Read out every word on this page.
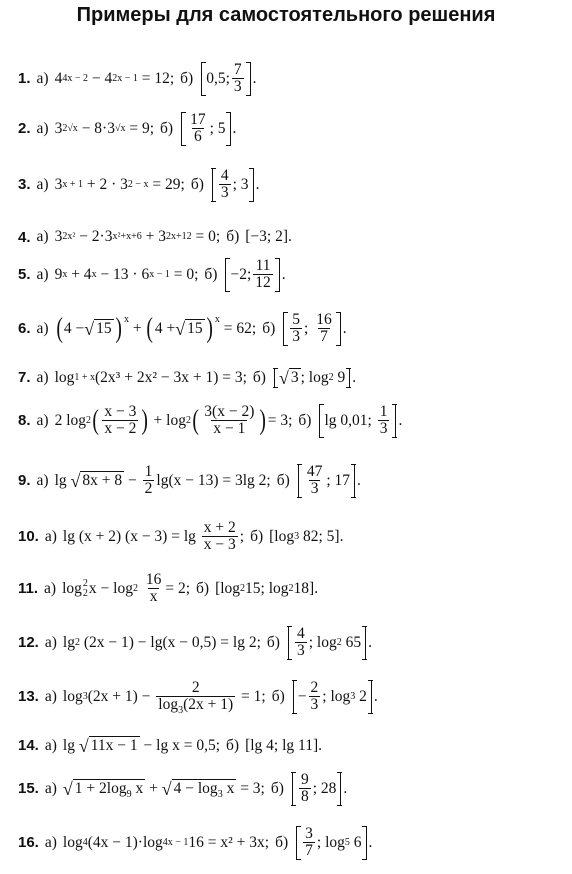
Примеры для самостоятельного решения
1. а) 4 4x − 2 − 4 2x − 1 = 12; б) 0,5; $\frac{7}{3}$ .
2. а) 3 2√x − 8·3 √x = 9; $б) \frac{17}{6}$ ; 5 .
3. а) 3 x + 1 + 2 · 3 2 − x = 29; $б) \frac{4}{3}$ ; 3 .
4. а) 3 2x² − 2·3 x²+x+6 + 3 2x+12 = 0; б) [−3; 2].
5. а) 9 x + 4 x − 13 · 6 x − 1 = 0; б) −2; $\frac{11}{12}$ .
6. а) ( 4 − √ 15 ) x + ( 4 + √ 15 ) x = 62; $б) \frac{5}{3}$ ; $\frac{16}{7}$ .
7. а) log 1 + x (2x³ + 2x² − 3x + 1) = 3; б) √ 3 ; log 2 9 .
8. а) 2 log 2 ( $\frac{x - 3}{x - 2}$ ) + log 2 ( $\frac{3(x - 2)}{x - 1}$ ) = 3; б) lg 0,01; $\frac{1}{3}$ .
9. а) lg √ $8x + 8 - \frac{1}{2} \lg(x - 13) = 3\lg$ 2; $б) \frac{47}{3}$ ; 17 .
10. а) lg (x + 2) $(x - 3) = \lg \frac{x + 2}{x - 3}$ ; б) [log 3 82; 5].
11. а) log 2
2 x − log 2
$\frac{16}{x} = 2$; б) [log 2 15; log 2 18].
12. а) lg 2 (2x − 1) − lg(x − 0,5) = lg 2; $б) \frac{4}{3}$ ; log 2 65 .
13. а) log 3 $(2x + 1) - \frac{2}{\log_3(2x + 1)} = 1$; $б) - \frac{2}{3}$ ; log 3 2 .
14. а) lg √ 11x − 1 − lg x = 0,5; б) [lg 4; lg 11].
15. а) √ $1 + 2\log_9$ x + √ $4 - \log_3 x = 3$; $б) \frac{9}{8}$ ; 28 .
16. а) log 4 (4x − 1)·log 4x − 1 16 = x² + 3x; $б) \frac{3}{7}$ ; log 5 6 .
